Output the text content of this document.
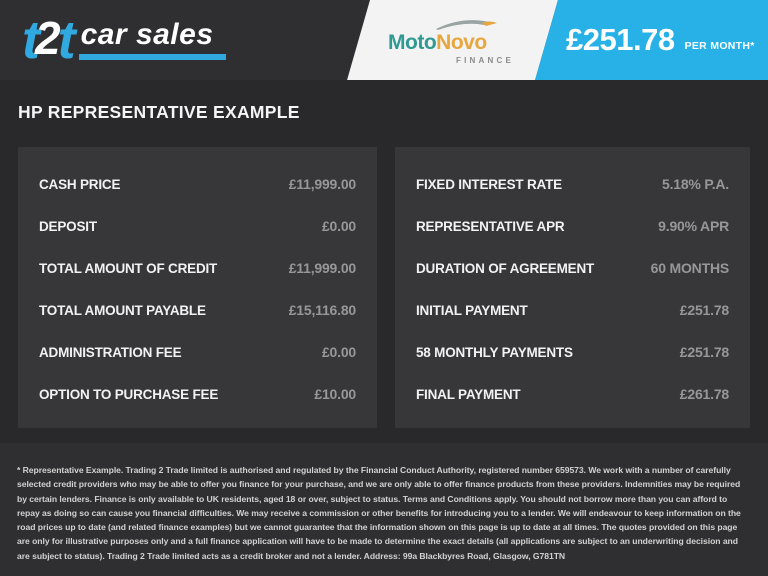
t
2
t car sales	MotoNovo
FINANCE
£251.78 PER MONTH*
HP REPRESENTATIVE EXAMPLE
CASH PRICE	£11,999.00
DEPOSIT	£0.00
TOTAL AMOUNT OF CREDIT	£11,999.00
TOTAL AMOUNT PAYABLE	£15,116.80
ADMINISTRATION FEE	£0.00
OPTION TO PURCHASE FEE	£10.00
FIXED INTEREST RATE	5.18% P.A.
REPRESENTATIVE APR	9.90% APR
DURATION OF AGREEMENT	60 MONTHS
INITIAL PAYMENT	£251.78
58 MONTHLY PAYMENTS	£251.78
FINAL PAYMENT	£261.78

* Representative Example. Trading 2 Trade limited is authorised and regulated by the Financial Conduct Authority, registered number 659573. We work with a number of carefully selected credit providers who may be able to offer you finance for your purchase, and we are only able to offer finance products from these providers. Indemnities may be required by certain lenders. Finance is only available to UK residents, aged 18 or over, subject to status. Terms and Conditions apply. You should not borrow more than you can afford to repay as doing so can cause you financial difficulties. We may receive a commission or other benefits for introducing you to a lender. We will endeavour to keep information on the road prices up to date (and related finance examples) but we cannot guarantee that the information shown on this page is up to date at all times. The quotes provided on this page are only for illustrative purposes only and a full finance application will have to be made to determine the exact details (all applications are subject to an underwriting decision and are subject to status). Trading 2 Trade limited acts as a credit broker and not a lender. Address: 99a Blackbyres Road, Glasgow, G781TN
